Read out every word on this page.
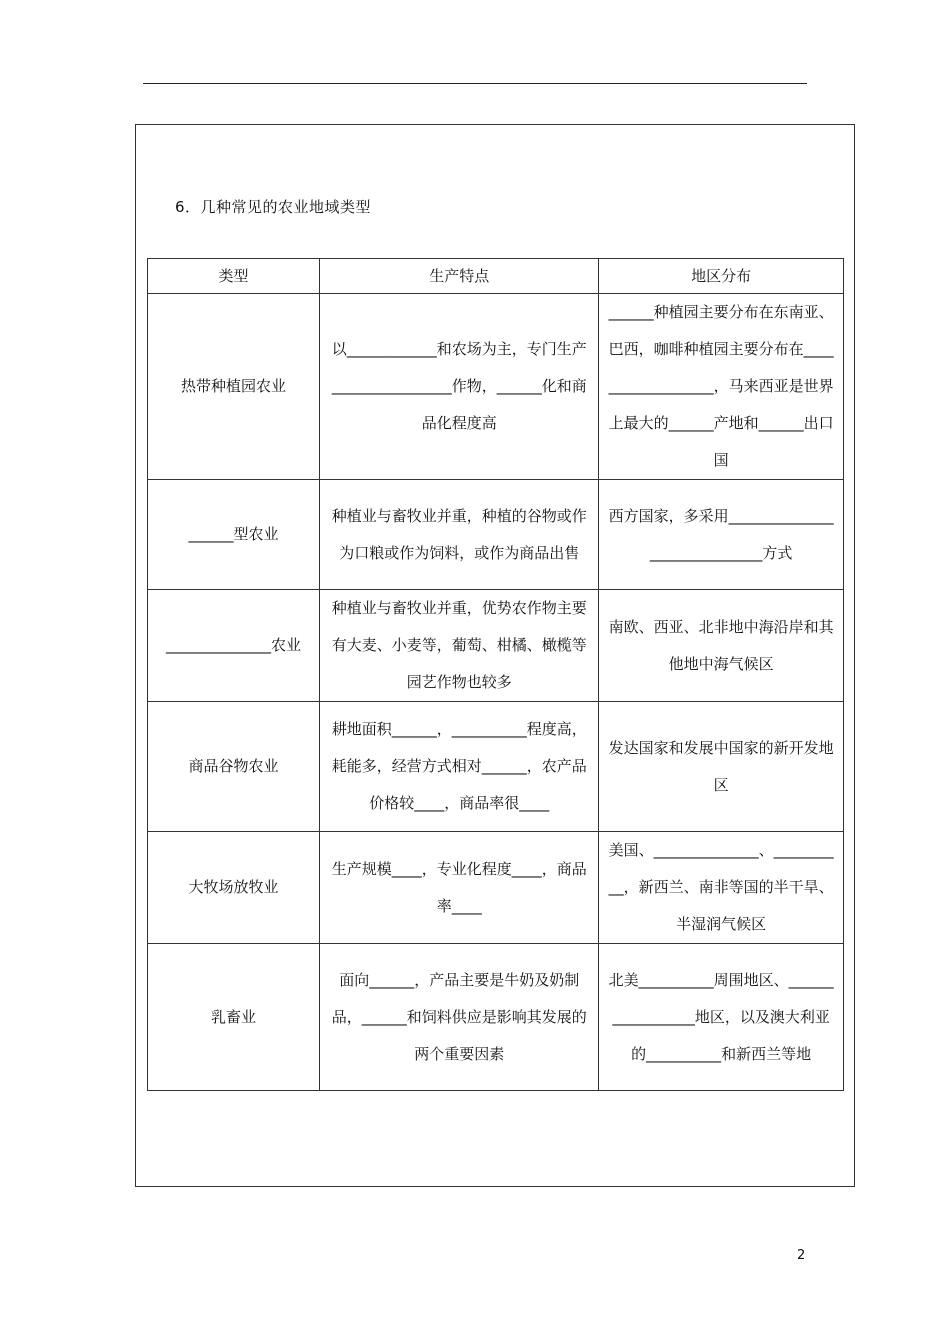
6．几种常见的农业地域类型
类型	生产特点	地区分布
热带种植园农业	以____________和农场为主，专门生产________________作物，______化和商品化程度高	______种植园主要分布在东南亚、巴西，咖啡种植园主要分布在__________________，马来西亚是世界上最大的______产地和______出口国
______型农业	种植业与畜牧业并重，种植的谷物或作为口粮或作为饲料，或作为商品出售	西方国家，多采用_____________________________方式
______________农业	种植业与畜牧业并重，优势农作物主要有大麦、小麦等，葡萄、柑橘、橄榄等园艺作物也较多	南欧、西亚、北非地中海沿岸和其他地中海气候区
商品谷物农业	耕地面积______，__________程度高，耗能多，经营方式相对______，农产品价格较____，商品率很____	发达国家和发展中国家的新开发地区
大牧场放牧业	生产规模____，专业化程度____，商品率____	美国、______________、__________，新西兰、南非等国的半干旱、半湿润气候区
乳畜业	面向______，产品主要是牛奶及奶制品，______和饲料供应是影响其发展的两个重要因素	北美__________周围地区、_________________地区，以及澳大利亚的__________和新西兰等地
2
